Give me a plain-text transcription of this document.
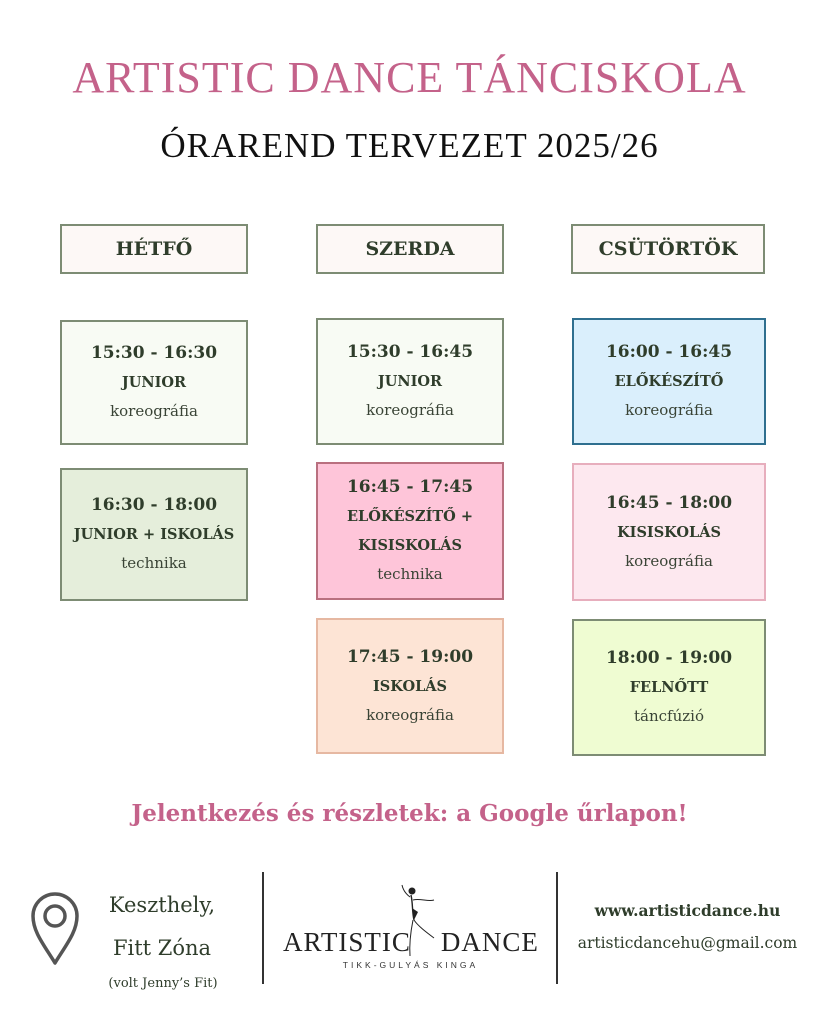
ARTISTIC DANCE TÁNCISKOLA
ÓRAREND TERVEZET 2025/26
HÉTFŐ	SZERDA	CSÜTÖRTÖK
15:30 - 16:30
JUNIOR
koreográfia
16:30 - 18:00
JUNIOR + ISKOLÁS
technika
15:30 - 16:45
JUNIOR
koreográfia
16:45 - 17:45
ELŐKÉSZÍTŐ +
KISISKOLÁS
technika
17:45 - 19:00
ISKOLÁS
koreográfia
16:00 - 16:45
ELŐKÉSZÍTŐ
koreográfia
16:45 - 18:00
KISISKOLÁS
koreográfia
18:00 - 19:00
FELNŐTT
táncfúzió
Jelentkezés és részletek: a Google űrlapon!
Keszthely,
Fitt Zóna
(volt Jenny’s Fit)
ARTISTIC DANCE
TIKK-GULYÁS KINGA
www.artisticdance.hu
artisticdancehu@gmail.com
